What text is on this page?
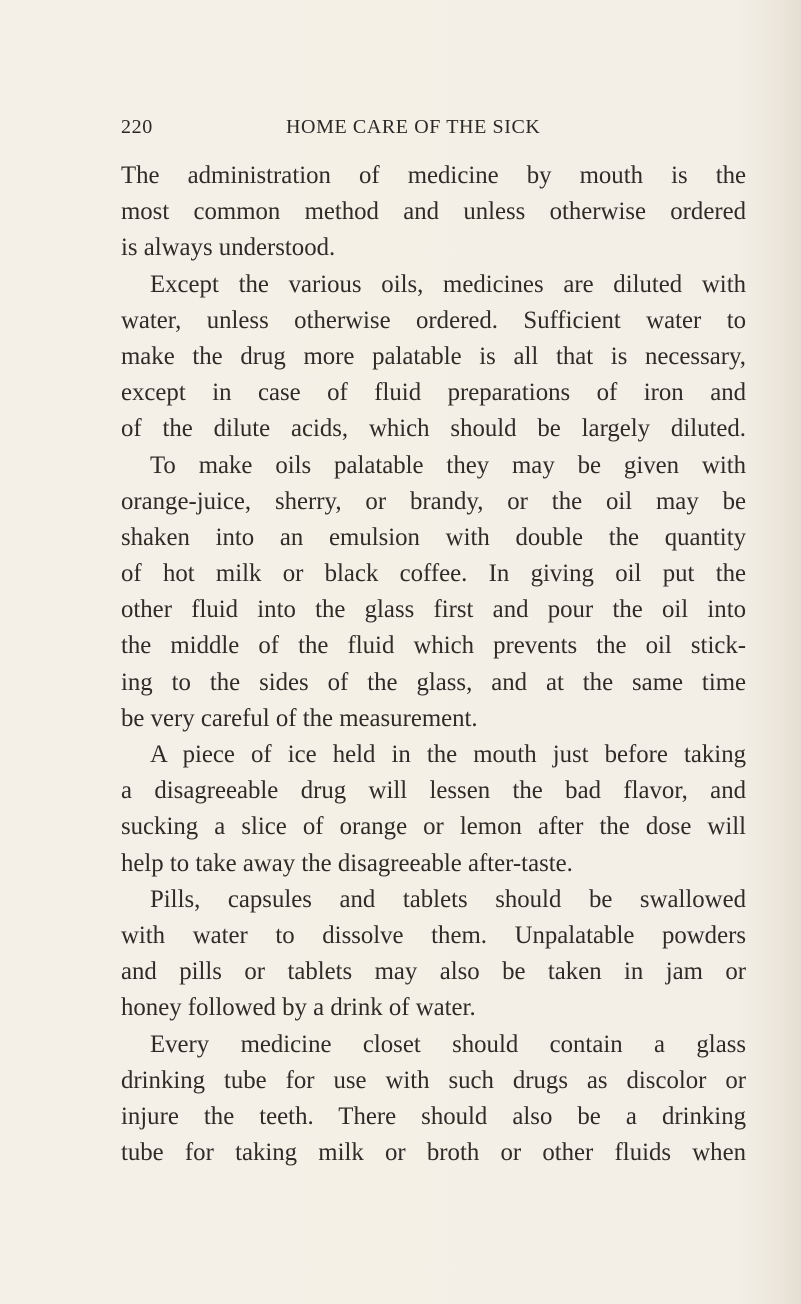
220	HOME CARE OF THE SICK
The administration of medicine by mouth is the
most common method and unless otherwise ordered
is always understood.
Except the various oils, medicines are diluted with
water, unless otherwise ordered. Sufficient water to
make the drug more palatable is all that is necessary,
except in case of fluid preparations of iron and
of the dilute acids, which should be largely diluted.
To make oils palatable they may be given with
orange-juice, sherry, or brandy, or the oil may be
shaken into an emulsion with double the quantity
of hot milk or black coffee. In giving oil put the
other fluid into the glass first and pour the oil into
the middle of the fluid which prevents the oil stick-
ing to the sides of the glass, and at the same time
be very careful of the measurement.
A piece of ice held in the mouth just before taking
a disagreeable drug will lessen the bad flavor, and
sucking a slice of orange or lemon after the dose will
help to take away the disagreeable after-taste.
Pills, capsules and tablets should be swallowed
with water to dissolve them. Unpalatable powders
and pills or tablets may also be taken in jam or
honey followed by a drink of water.
Every medicine closet should contain a glass
drinking tube for use with such drugs as discolor or
injure the teeth. There should also be a drinking
tube for taking milk or broth or other fluids when
